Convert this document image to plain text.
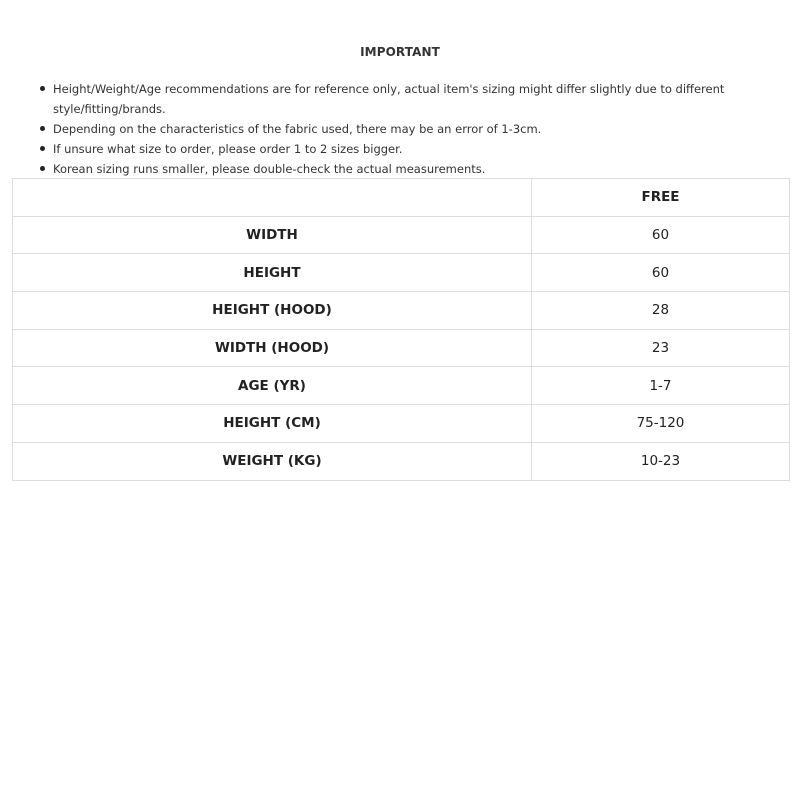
IMPORTANT
Height/Weight/Age recommendations are for reference only, actual item's sizing might differ slightly due to different style/fitting/brands.
Depending on the characteristics of the fabric used, there may be an error of 1-3cm.
If unsure what size to order, please order 1 to 2 sizes bigger.
Korean sizing runs smaller, please double-check the actual measurements.
	FREE
WIDTH	60
HEIGHT	60
HEIGHT (HOOD)	28
WIDTH (HOOD)	23
AGE (YR)	1-7
HEIGHT (CM)	75-120
WEIGHT (KG)	10-23
